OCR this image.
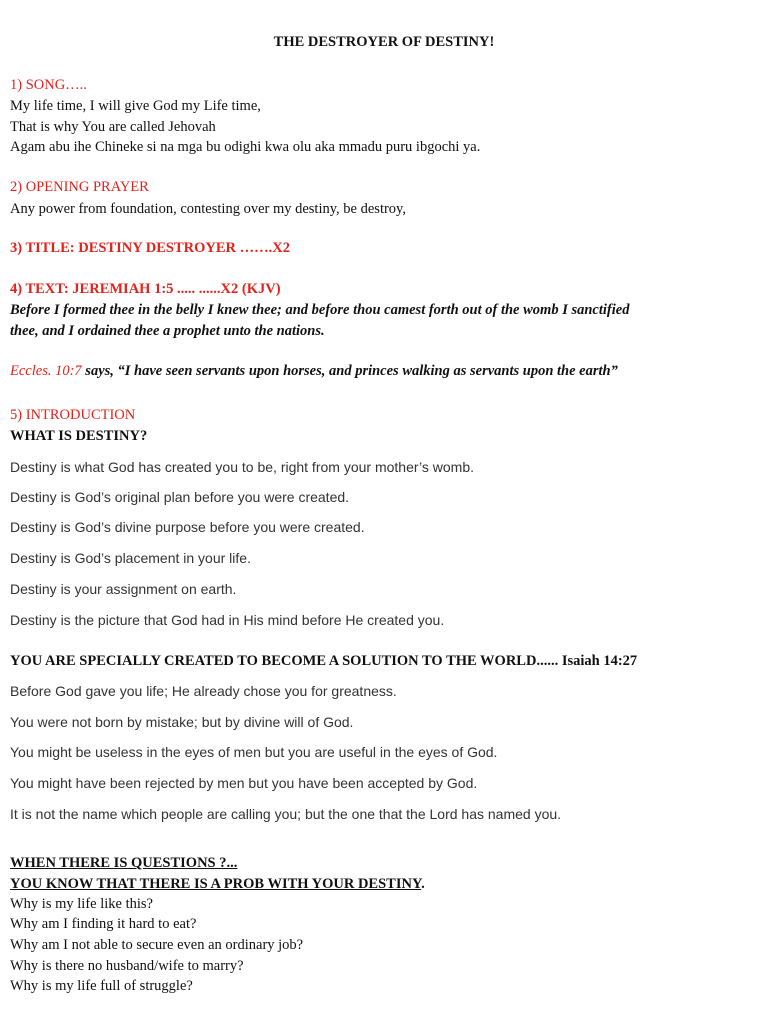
THE DESTROYER OF DESTINY!
1) SONG…..
My life time, I will give God my Life time,
That is why You are called Jehovah
Agam abu ihe Chineke si na mga bu odighi kwa olu aka mmadu puru ibgochi ya.
2) OPENING PRAYER
Any power from foundation, contesting over my destiny, be destroy,
3) TITLE: DESTINY DESTROYER …….X2
4) TEXT: JEREMIAH 1:5 ..... ......X2 (KJV)
Before I formed thee in the belly I knew thee; and before thou camest forth out of the womb I sanctified
thee, and I ordained thee a prophet unto the nations.
Eccles. 10:7 says, “I have seen servants upon horses, and princes walking as servants upon the earth”
5) INTRODUCTION
WHAT IS DESTINY?
Destiny is what God has created you to be, right from your mother’s womb.
Destiny is God’s original plan before you were created.
Destiny is God’s divine purpose before you were created.
Destiny is God’s placement in your life.
Destiny is your assignment on earth.
Destiny is the picture that God had in His mind before He created you.
YOU ARE SPECIALLY CREATED TO BECOME A SOLUTION TO THE WORLD...... Isaiah 14:27
Before God gave you life; He already chose you for greatness.
You were not born by mistake; but by divine will of God.
You might be useless in the eyes of men but you are useful in the eyes of God.
You might have been rejected by men but you have been accepted by God.
It is not the name which people are calling you; but the one that the Lord has named you.
WHEN THERE IS QUESTIONS ?...
YOU KNOW THAT THERE IS A PROB WITH YOUR DESTINY.
Why is my life like this?
Why am I finding it hard to eat?
Why am I not able to secure even an ordinary job?
Why is there no husband/wife to marry?
Why is my life full of struggle?
